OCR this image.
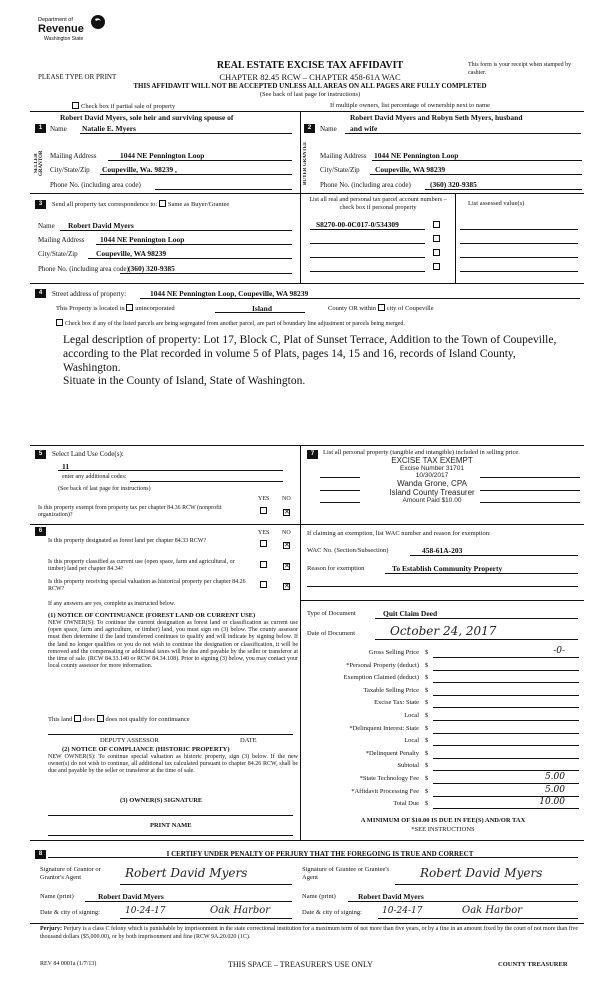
Department of
Revenue
Washington State
REAL ESTATE EXCISE TAX AFFIDAVIT	This form is your receipt when stamped by cashier.
PLEASE TYPE OR PRINT	CHAPTER 82.45 RCW – CHAPTER 458-61A WAC
THIS AFFIDAVIT WILL NOT BE ACCEPTED UNLESS ALL AREAS ON ALL PAGES ARE FULLY COMPLETED
(See back of last page for instructions)
Check box if partial sale of property	If multiple owners, list percentage of ownership next to name
1
Robert David Myers, sole heir and surviving spouse of
Name Natalie E. Myers
SELLER GRANTOR Mailing Address	1044 NE Pennington Loop
City/State/Zip Coupeville, Wa. 98239 ,
Phone No. (including area code)
2
Robert David Myers and Robyn Seth Myers, husband
Name and wife
BUYER GRANTEE	Mailing Address 1044 NE Pennington Loop
City/State/Zip Coupeville, WA 98239
Phone No. (including area code)	(360) 320-9385
3	Send all property tax correspondence to: Same as Buyer/Grantee
List all real and personal tax parcel account numbers – check box if personal property
List assessed value(s)
Name Robert David Myers
Mailing Address 1044 NE Pennington Loop
City/State/Zip Coupeville, WA 98239
Phone No. (including area code) (360) 320-9385
S8270-00-0C017-0/534309
4	Street address of property:	1044 NE Pennington Loop, Coupeville, WA 98239
This Property is located in unincorporated	Island	County OR within city of Coupeville
Check box if any of the listed parcels are being segregated from another parcel, are part of boundary line adjustment or parcels being merged.
Legal description of property: Lot 17, Block C, Plat of Sunset Terrace, Addition to the Town of Coupeville, according to the Plat recorded in volume 5 of Plats, pages 14, 15 and 16, records of Island County, Washington.
Situate in the County of Island, State of Washington.
5	Select Land Use Code(s):
11
enter any additional codes:
(See back of last page for instructions)
YES NO
Is this property exempt from property tax per chapter 84.36 RCW (nonprofit organization)?	✕
6	YES NO
Is this property designated as forest land per chapter 84.33 RCW?	✕
Is this property classified as current use (open space, farm and agricultural, or timber) land per chapter 84.34?	✕
Is this property receiving special valuation as historical property per chapter 84.26 RCW?	✕
If any answers are yes, complete as instructed below.
(1) NOTICE OF CONTINUANCE (FOREST LAND OR CURRENT USE)
NEW OWNER(S): To continue the current designation as forest land or classification as current use (open space, farm and agriculture, or timber) land, you must sign on (3) below. The county assessor must then determine if the land transferred continues to qualify and will indicate by signing below. If the land no longer qualifies or you do not wish to continue the designation or classification, it will be removed and the compensating or additional taxes will be due and payable by the seller or transferor at the time of sale. (RCW 84.33.140 or RCW 84.34.108). Prior to signing (3) below, you may contact your local county assessor for more information.
This land does does not qualify for continuance
DEPUTY ASSESSOR	DATE
(2) NOTICE OF COMPLIANCE (HISTORIC PROPERTY)
NEW OWNER(S): To continue special valuation as historic property, sign (3) below. If the new owner(s) do not wish to continue, all additional tax calculated pursuant to chapter 84.26 RCW, shall be due and payable by the seller or transferor at the time of sale.
(3) OWNER(S) SIGNATURE
PRINT NAME
7	List all personal property (tangible and intangible) included in selling price.
EXCISE TAX EXEMPT
Excise Number 31701
10/30/2017
Wanda Grone, CPA
Island County Treasurer
Amount Paid $10.00
If claiming an exemption, list WAC number and reason for exemption:
WAC No. (Section/Subsection)	458-61A-203
Reason for exemption	To Establish Community Property
Type of Document	Quit Claim Deed
Date of Document	October 24, 2017
Gross Selling Price $	-0-
*Personal Property (deduct) $
Exemption Claimed (deduct) $
Taxable Selling Price $
Excise Tax: State $
Local $
*Delinquent Interest: State $
Local $
*Delinquent Penalty $
Subtotal $
*State Technology Fee $	5.00
*Affidavit Processing Fee $	5.00
Total Due $	10.00
A MINIMUM OF $10.00 IS DUE IN FEE(S) AND/OR TAX
*SEE INSTRUCTIONS
8	I CERTIFY UNDER PENALTY OF PERJURY THAT THE FOREGOING IS TRUE AND CORRECT
Signature of Grantor or Grantor's Agent	Robert David Myers	Signature of Grantee or Grantee's Agent	Robert David Myers
Name (print)	Robert David Myers	Name (print)	Robert David Myers
Date & city of signing:	10-24-17	Oak Harbor	Date & city of signing: 10-24-17	Oak Harbor
Perjury: Perjury is a class C felony which is punishable by imprisonment in the state correctional institution for a maximum term of not more than five years, or by a fine in an amount fixed by the court of not more than five thousand dollars ($5,000.00), or by both imprisonment and fine (RCW 9A.20.020 (1C).
REV 84 0001a (1/7/13)	THIS SPACE – TREASURER'S USE ONLY	COUNTY TREASURER
